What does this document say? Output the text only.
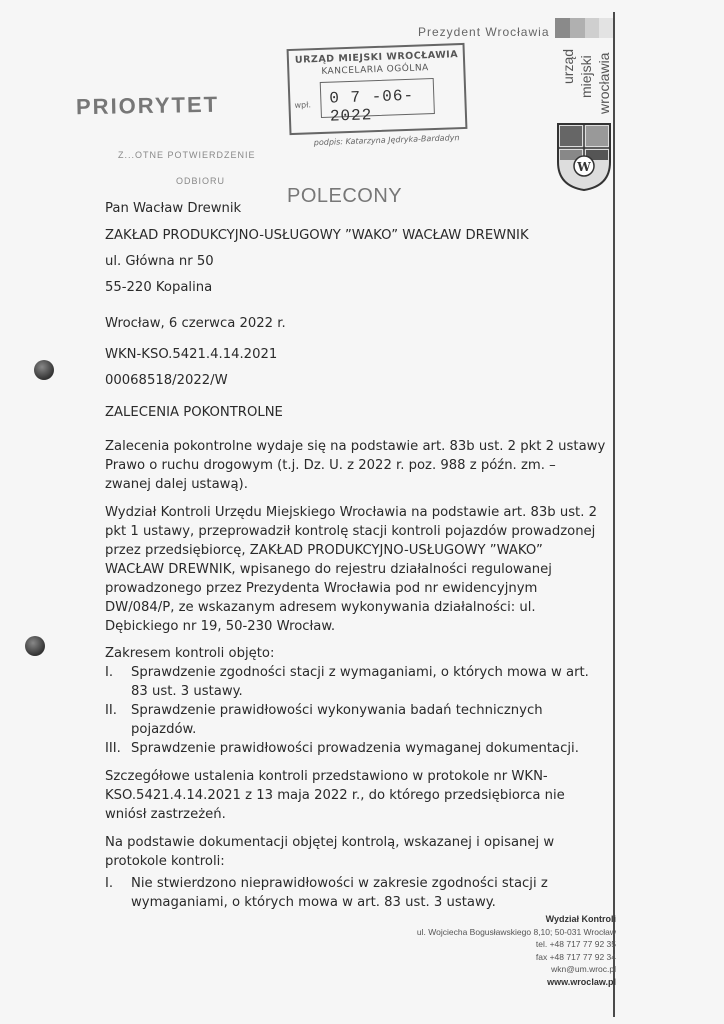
Prezydent Wrocławia
urząd miejski wrocławia
W
PRIORYTET
Z...OTNE POTWIERDZENIE
ODBIORU
POLECONY
URZĄD MIEJSKI WROCŁAWIA
KANCELARIA OGÓLNA
wpł. 0 7 -06- 2022
podpis: Katarzyna Jędryka-Bardadyn
Pan Wacław Drewnik
ZAKŁAD PRODUKCYJNO-USŁUGOWY ”WAKO” WACŁAW DREWNIK
ul. Główna nr 50
55-220 Kopalina
Wrocław, 6 czerwca 2022 r.
WKN-KSO.5421.4.14.2021
00068518/2022/W
ZALECENIA POKONTROLNE
Zalecenia pokontrolne wydaje się na podstawie art. 83b ust. 2 pkt 2 ustawy
Prawo o ruchu drogowym (t.j. Dz. U. z 2022 r. poz. 988 z późn. zm. –
zwanej dalej ustawą).
Wydział Kontroli Urzędu Miejskiego Wrocławia na podstawie art. 83b ust. 2
pkt 1 ustawy, przeprowadził kontrolę stacji kontroli pojazdów prowadzonej
przez przedsiębiorcę, ZAKŁAD PRODUKCYJNO-USŁUGOWY ”WAKO”
WACŁAW DREWNIK, wpisanego do rejestru działalności regulowanej
prowadzonego przez Prezydenta Wrocławia pod nr ewidencyjnym
DW/084/P, ze wskazanym adresem wykonywania działalności: ul.
Dębickiego nr 19, 50-230 Wrocław.
Zakresem kontroli objęto:
I. Sprawdzenie zgodności stacji z wymaganiami, o których mowa w art.
83 ust. 3 ustawy.
II. Sprawdzenie prawidłowości wykonywania badań technicznych
pojazdów.
III. Sprawdzenie prawidłowości prowadzenia wymaganej dokumentacji.
Szczegółowe ustalenia kontroli przedstawiono w protokole nr WKN-
KSO.5421.4.14.2021 z 13 maja 2022 r., do którego przedsiębiorca nie
wniósł zastrzeżeń.
Na podstawie dokumentacji objętej kontrolą, wskazanej i opisanej w
protokole kontroli:
I. Nie stwierdzono nieprawidłowości w zakresie zgodności stacji z
wymaganiami, o których mowa w art. 83 ust. 3 ustawy.
Wydział Kontroli
ul. Wojciecha Bogusławskiego 8,10; 50-031 Wrocław
tel. +48 717 77 92 35
fax +48 717 77 92 34
wkn@um.wroc.pl
www.wroclaw.pl
